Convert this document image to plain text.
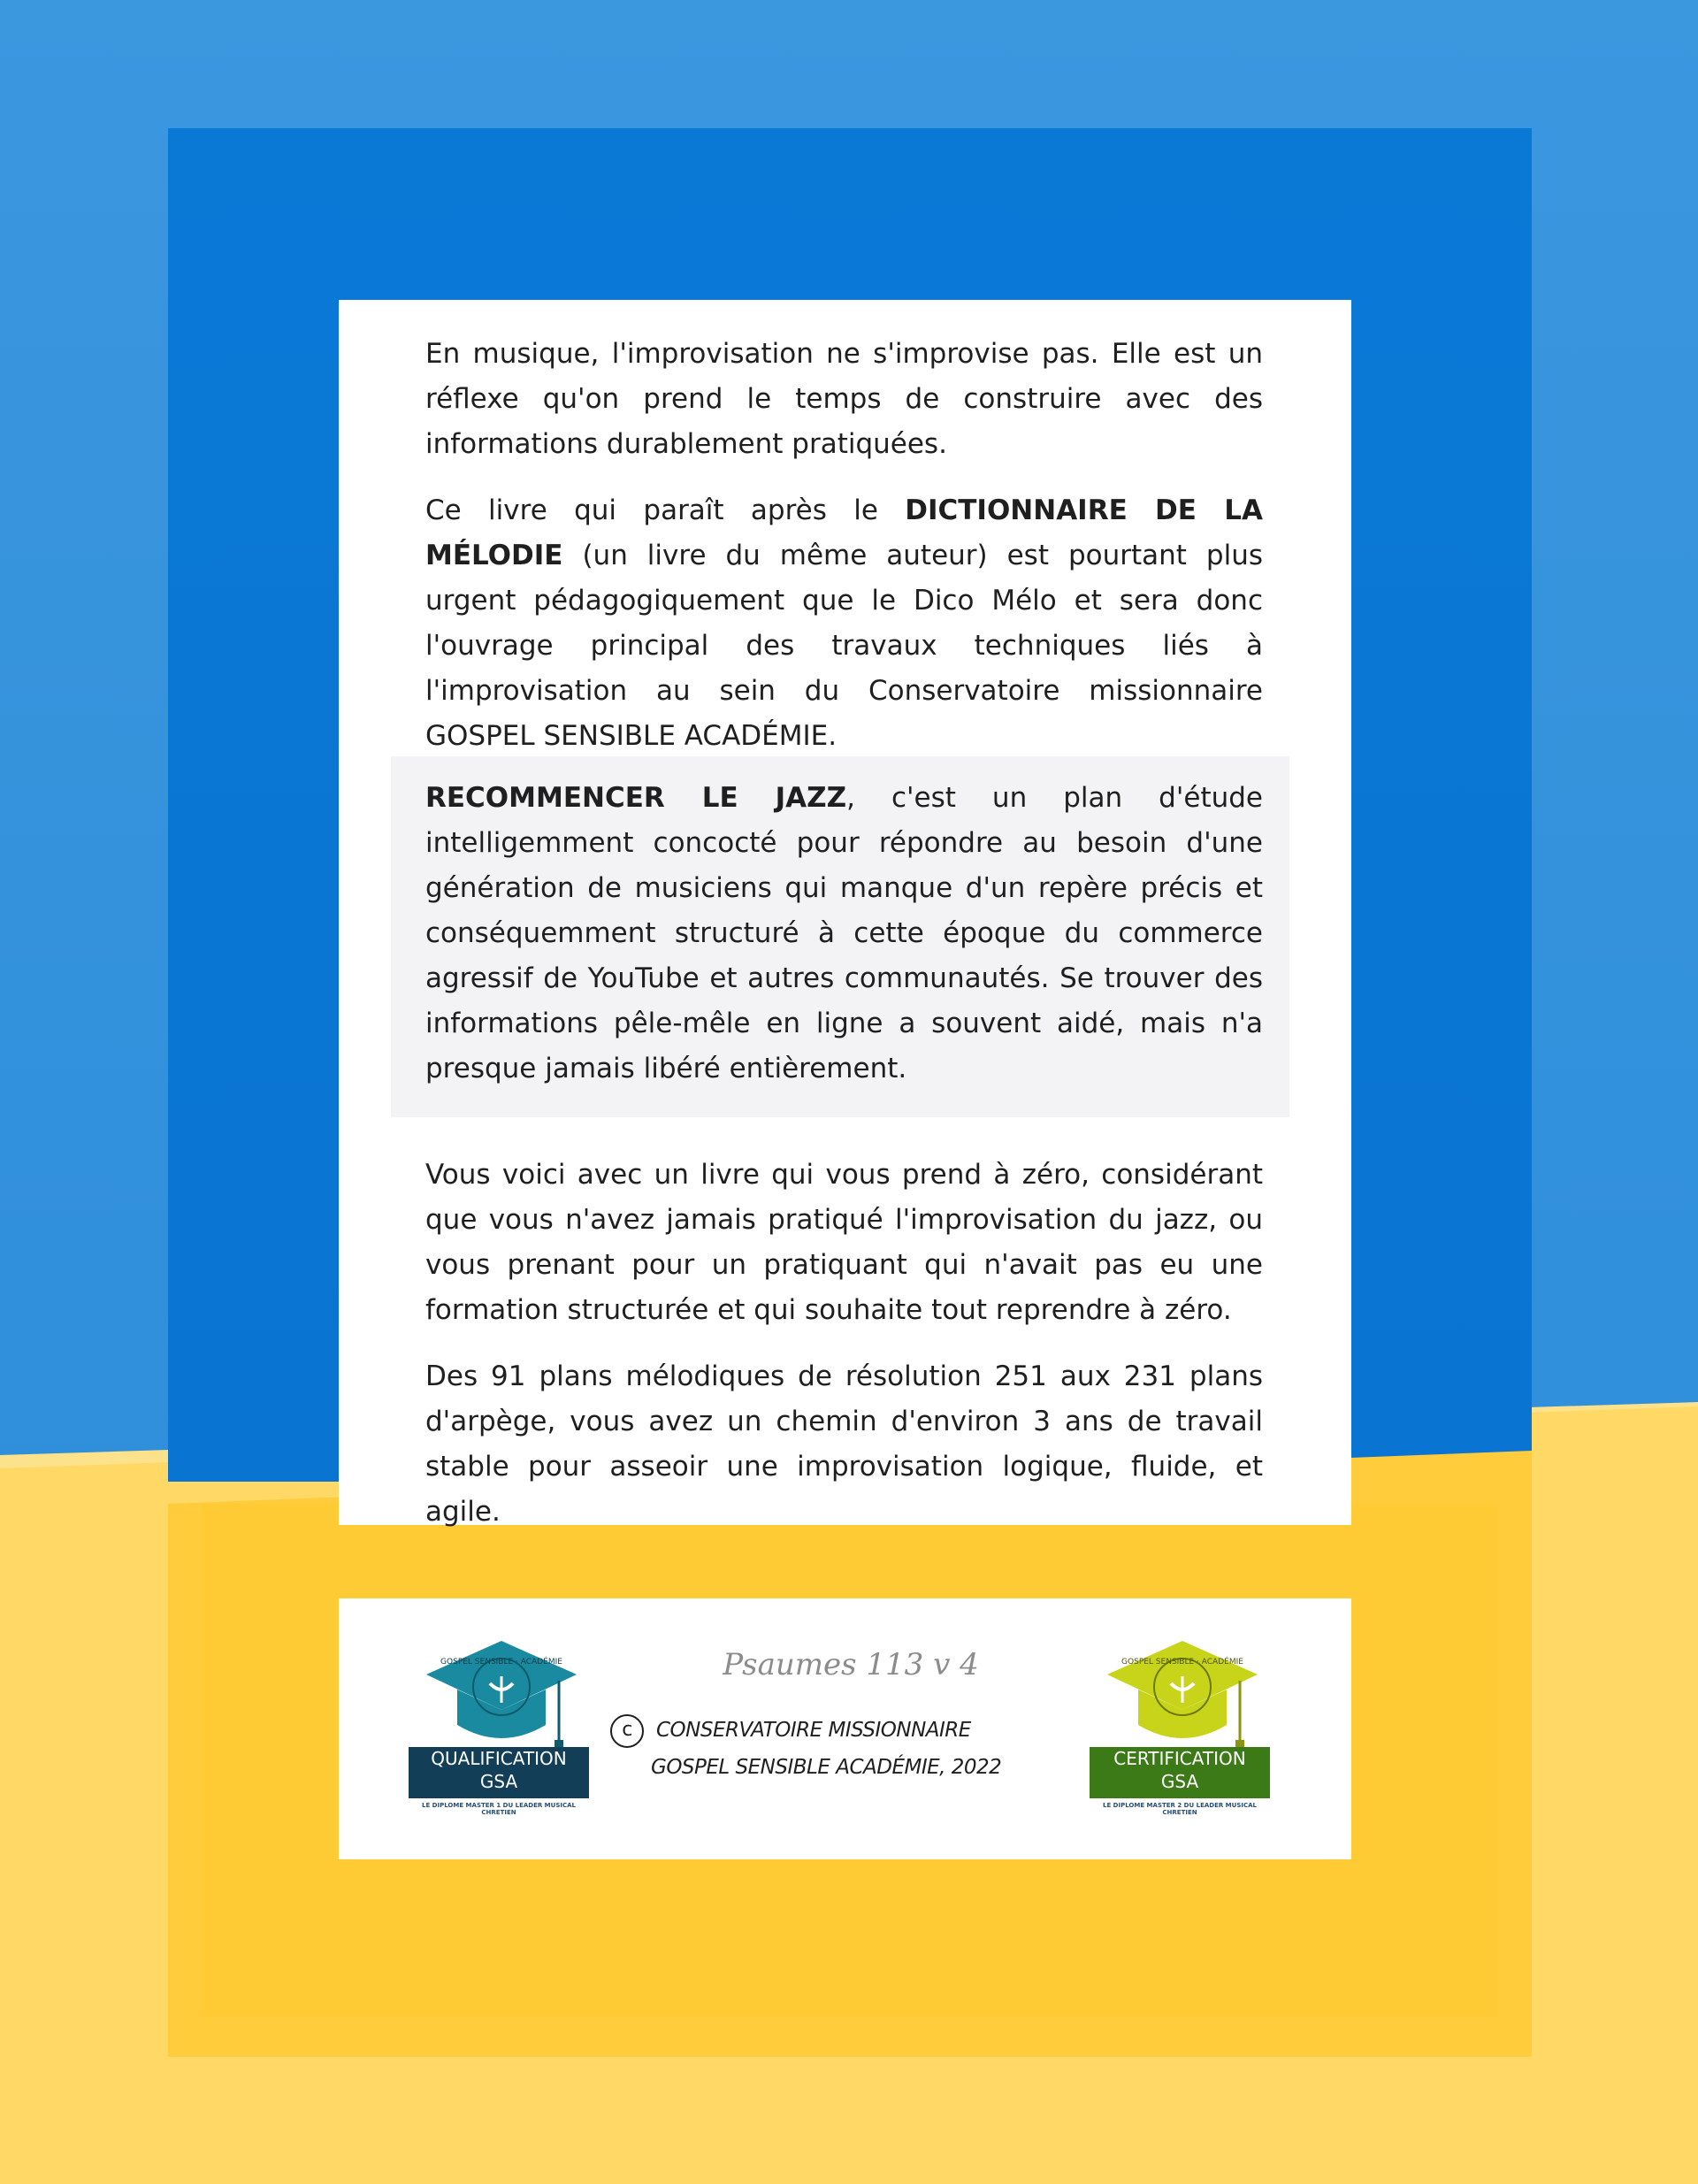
En musique, l'improvisation ne s'improvise pas. Elle est un réflexe qu'on prend le temps de construire avec des informations durablement pratiquées.

Ce livre qui paraît après le DICTIONNAIRE DE LA MÉLODIE (un livre du même auteur) est pourtant plus urgent pédagogiquement que le Dico Mélo et sera donc l'ouvrage principal des travaux techniques liés à l'improvisation au sein du Conservatoire missionnaire GOSPEL SENSIBLE ACADÉMIE.

RECOMMENCER LE JAZZ, c'est un plan d'étude intelligemment concocté pour répondre au besoin d'une génération de musiciens qui manque d'un repère précis et conséquemment structuré à cette époque du commerce agressif de YouTube et autres communautés. Se trouver des informations pêle-mêle en ligne a souvent aidé, mais n'a presque jamais libéré entièrement.

Vous voici avec un livre qui vous prend à zéro, considérant que vous n'avez jamais pratiqué l'improvisation du jazz, ou vous prenant pour un pratiquant qui n'avait pas eu une formation structurée et qui souhaite tout reprendre à zéro.

Des 91 plans mélodiques de résolution 251 aux 231 plans d'arpège, vous avez un chemin d'environ 3 ans de travail stable pour asseoir une improvisation logique, fluide, et agile.

GOSPEL SENSIBLE · ACADÉMIE
QUALIFICATION
GSA
LE DIPLOME MASTER 1 DU LEADER MUSICAL CHRETIEN
Psaumes 113 v 4
c CONSERVATOIRE MISSIONNAIRE
GOSPEL SENSIBLE ACADÉMIE, 2022
GOSPEL SENSIBLE · ACADÉMIE
CERTIFICATION
GSA
LE DIPLOME MASTER 2 DU LEADER MUSICAL CHRETIEN
